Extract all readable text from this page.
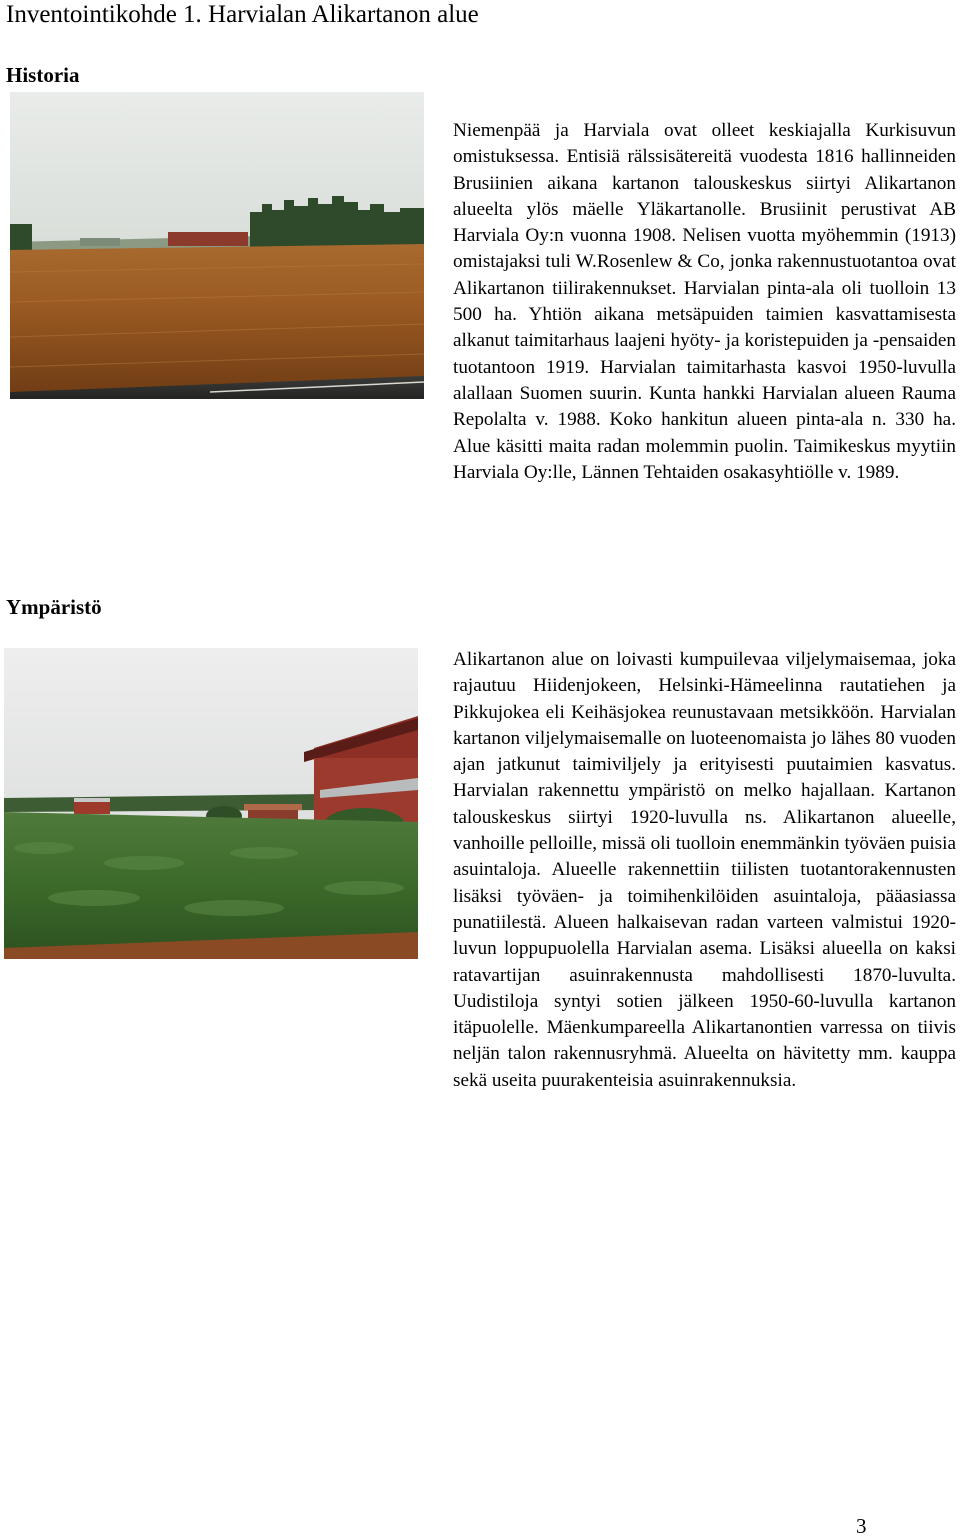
Inventointikohde 1. Harvialan Alikartanon alue
Historia

Niemenpää ja Harviala ovat olleet keskiajalla Kurkisuvun omistuksessa. Entisiä rälssisätereitä vuodesta 1816 hallinneiden Brusiinien aikana kartanon talouskeskus siirtyi Alikartanon alueelta ylös mäelle Yläkartanolle. Brusiinit perustivat AB Harviala Oy:n vuonna 1908. Nelisen vuotta myöhemmin (1913) omistajaksi tuli W.Rosenlew & Co, jonka rakennustuotantoa ovat Alikartanon tiilirakennukset. Harvialan pinta-ala oli tuolloin 13 500 ha. Yhtiön aikana metsäpuiden taimien kasvattamisesta alkanut taimitarhaus laajeni hyöty- ja koristepuiden ja -pensaiden tuotantoon 1919. Harvialan taimitarhasta kasvoi 1950-luvulla alallaan Suomen suurin. Kunta hankki Harvialan alueen Rauma Repolalta v. 1988. Koko hankitun alueen pinta-ala n. 330 ha. Alue käsitti maita radan molemmin puolin. Taimikeskus myytiin Harviala Oy:lle, Lännen Tehtaiden osakasyhtiölle v. 1989.

Ympäristö

Alikartanon alue on loivasti kumpuilevaa viljelymaisemaa, joka rajautuu Hiidenjokeen, Helsinki-Hämeelinna rautatiehen ja Pikkujokea eli Keihäsjokea reunustavaan metsikköön. Harvialan kartanon viljelymaisemalle on luoteenomaista jo lähes 80 vuoden ajan jatkunut taimiviljely ja erityisesti puutaimien kasvatus. Harvialan rakennettu ympäristö on melko hajallaan. Kartanon talouskeskus siirtyi 1920-luvulla ns. Alikartanon alueelle, vanhoille pelloille, missä oli tuolloin enemmänkin työväen puisia asuintaloja. Alueelle rakennettiin tiilisten tuotantorakennusten lisäksi työväen- ja toimihenkilöiden asuintaloja, pääasiassa punatiilestä. Alueen halkaisevan radan varteen valmistui 1920-luvun loppupuolella Harvialan asema. Lisäksi alueella on kaksi ratavartijan asuinrakennusta mahdollisesti 1870-luvulta. Uudistiloja syntyi sotien jälkeen 1950-60-luvulla kartanon itäpuolelle. Mäenkumpareella Alikartanontien varressa on tiivis neljän talon rakennusryhmä. Alueelta on hävitetty mm. kauppa sekä useita puurakenteisia asuinrakennuksia.

3
